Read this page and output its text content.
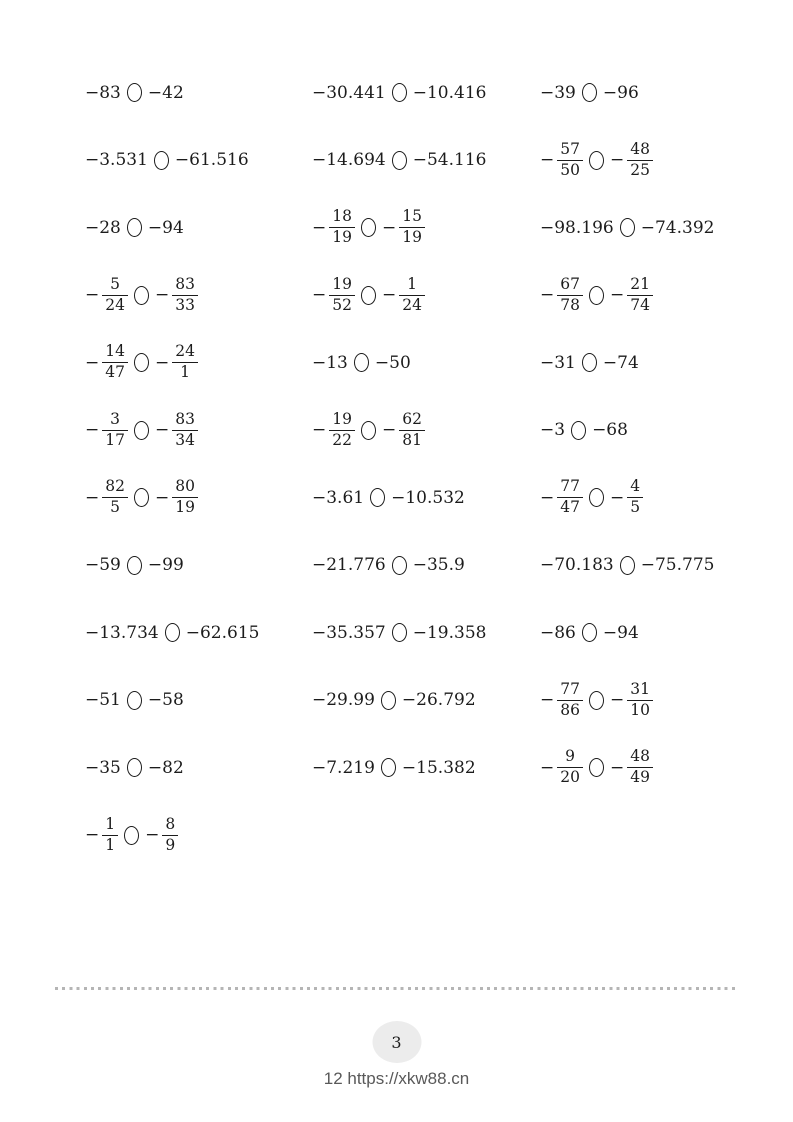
−83 −42	−30.441 −10.416	−39 −96
−3.531 −61.516	−14.694 −54.116	− $\frac{57}{50} - \frac{48}{25}$
−28 −94	− $\frac{18}{19} - \frac{15}{19}$	−98.196 −74.392
− $\frac{5}{24} - \frac{83}{33}$	− $\frac{19}{52} - \frac{1}{24}$	− $\frac{67}{78} - \frac{21}{74}$
− $\frac{14}{47} - \frac{24}{1}$	−13 −50	−31 −74
− $\frac{3}{17} - \frac{83}{34}$	− $\frac{19}{22} - \frac{62}{81}$	−3 −68
− $\frac{82}{5} - \frac{80}{19}$	−3.61 −10.532	− $\frac{77}{47} - \frac{4}{5}$
−59 −99	−21.776 −35.9	−70.183 −75.775
−13.734 −62.615	−35.357 −19.358	−86 −94
−51 −58	−29.99 −26.792	− $\frac{77}{86} - \frac{31}{10}$
−35 −82	−7.219 −15.382	− $\frac{9}{20} - \frac{48}{49}$
− $\frac{1}{1} - \frac{8}{9}$
3
12 https://xkw88.cn
